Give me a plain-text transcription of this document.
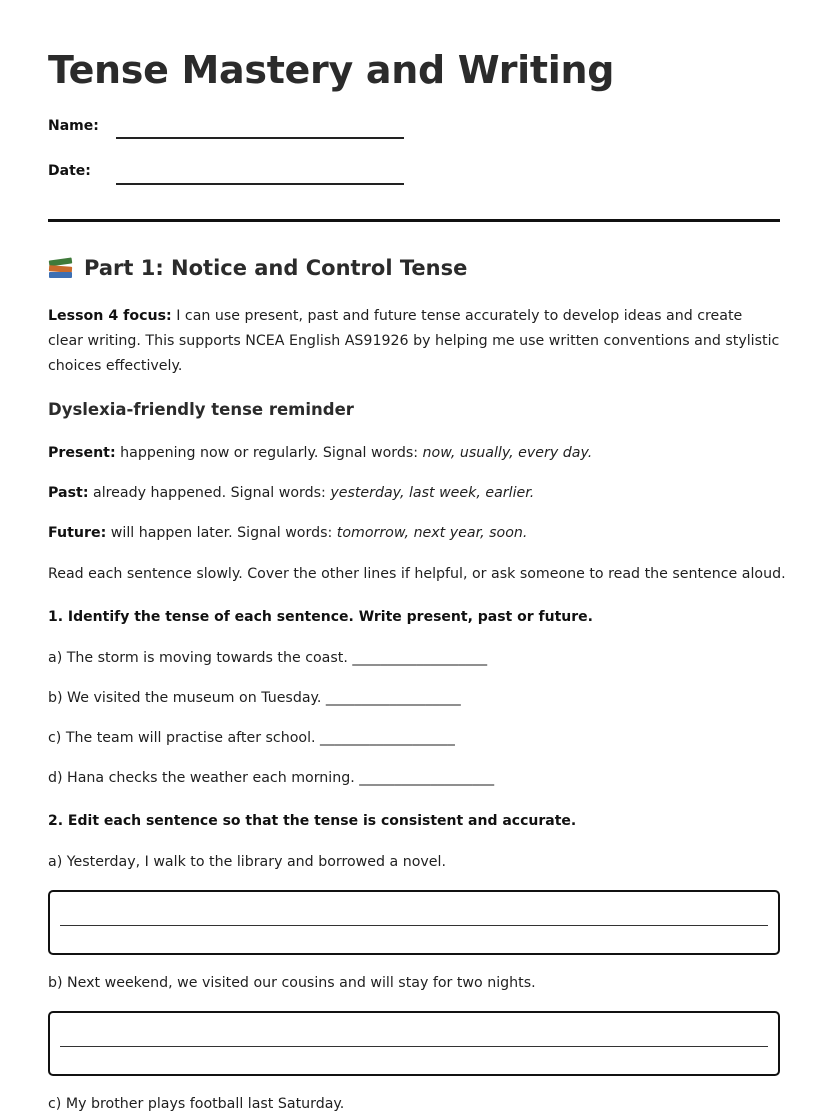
Tense Mastery and Writing
Name:
Date:
Part 1: Notice and Control Tense

Lesson 4 focus: I can use present, past and future tense accurately to develop ideas and create clear writing. This supports NCEA English AS91926 by helping me use written conventions and stylistic choices effectively.

Dyslexia-friendly tense reminder

Present: happening now or regularly. Signal words: now, usually, every day.

Past: already happened. Signal words: yesterday, last week, earlier.

Future: will happen later. Signal words: tomorrow, next year, soon.

Read each sentence slowly. Cover the other lines if helpful, or ask someone to read the sentence aloud.

1. Identify the tense of each sentence. Write present, past or future.

a) The storm is moving towards the coast. ___________________

b) We visited the museum on Tuesday. ___________________

c) The team will practise after school. ___________________

d) Hana checks the weather each morning. ___________________

2. Edit each sentence so that the tense is consistent and accurate.

a) Yesterday, I walk to the library and borrowed a novel.

b) Next weekend, we visited our cousins and will stay for two nights.

c) My brother plays football last Saturday.
